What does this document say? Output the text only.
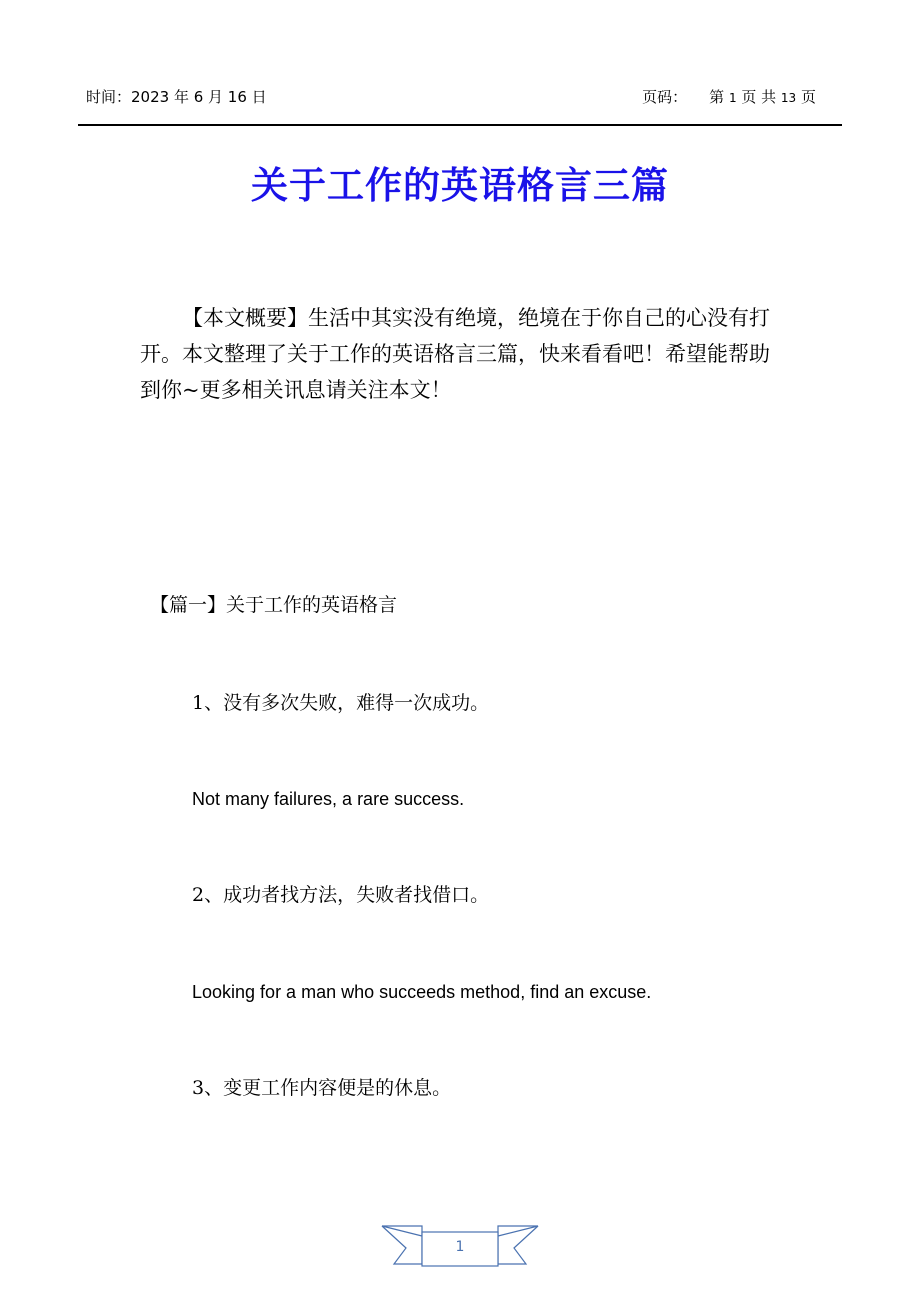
时间：2023 年 6 月 16 日	页码： 第 1 页 共 13 页
关于工作的英语格言三篇
【本文概要】生活中其实没有绝境，绝境在于你自己的心没有打开。本文整理了关于工作的英语格言三篇，快来看看吧！希望能帮助到你~更多相关讯息请关注本文！
【篇一】关于工作的英语格言
1、没有多次失败，难得一次成功。
Not many failures, a rare success.
2、成功者找方法，失败者找借口。
Looking for a man who succeeds method, find an excuse.
3、变更工作内容便是的休息。
1
